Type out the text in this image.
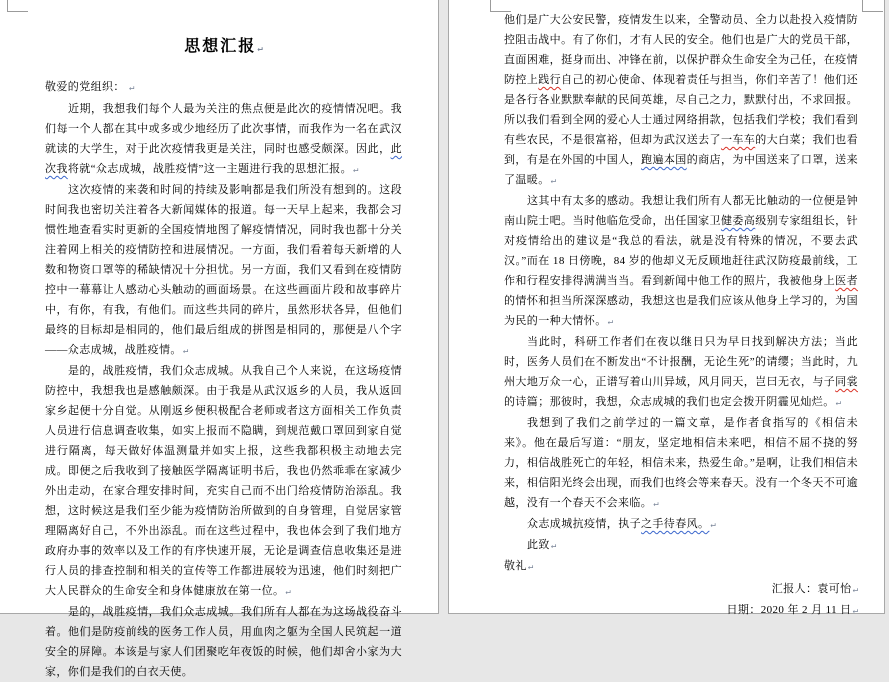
思想汇报↵

敬爱的党组织： ↵

近期，我想我们每个人最为关注的焦点便是此次的疫情情况吧。我们每一个人都在其中或多或少地经历了此次事情，而我作为一名在武汉就读的大学生，对于此次疫情我更是关注，同时也感受颇深。因此，此次我将就“众志成城，战胜疫情”这一主题进行我的思想汇报。↵

这次疫情的来袭和时间的持续及影响都是我们所没有想到的。这段时间我也密切关注着各大新闻媒体的报道。每一天早上起来，我都会习惯性地查看实时更新的全国疫情地图了解疫情情况，同时我也都十分关注着网上相关的疫情防控和进展情况。一方面，我们看着每天新增的人数和物资口罩等的稀缺情况十分担忧。另一方面，我们又看到在疫情防控中一幕幕让人感动心头触动的画面场景。在这些画面片段和故事碎片中，有你，有我，有他们。而这些共同的碎片，虽然形状各异，但他们最终的目标却是相同的，他们最后组成的拼图是相同的，那便是八个字——众志成城，战胜疫情。↵

是的，战胜疫情，我们众志成城。从我自己个人来说，在这场疫情防控中，我想我也是感触颇深。由于我是从武汉返乡的人员，我从返回家乡起便十分自觉。从刚返乡便积极配合老师或者这方面相关工作负责人员进行信息调查收集，如实上报而不隐瞒，到规范戴口罩回到家自觉进行隔离，每天做好体温测量并如实上报，这些我都积极主动地去完成。即便之后我收到了接触医学隔离证明书后，我也仍然乖乖在家减少外出走动，在家合理安排时间，充实自己而不出门给疫情防治添乱。我想，这时候这是我们至少能为疫情防治所做到的自身管理，自觉居家管理隔离好自己，不外出添乱。而在这些过程中，我也体会到了我们地方政府办事的效率以及工作的有序快速开展，无论是调查信息收集还是进行人员的排查控制和相关的宣传等工作都进展较为迅速，他们时刻把广大人民群众的生命安全和身体健康放在第一位。↵

是的，战胜疫情，我们众志成城。我们所有人都在为这场战役奋斗着。他们是防疫前线的医务工作人员，用血肉之躯为全国人民筑起一道安全的屏障。本该是与家人们团聚吃年夜饭的时候，他们却舍小家为大家，你们是我们的白衣天使。

他们是广大公安民警，疫情发生以来，全警动员、全力以赴投入疫情防控阻击战中。有了你们，才有人民的安全。他们也是广大的党员干部，直面困难，挺身而出、冲锋在前，以保护群众生命安全为己任，在疫情防控上践行自己的初心使命、体现着责任与担当，你们辛苦了！他们还是各行各业默默奉献的民间英雄，尽自己之力，默默付出，不求回报。所以我们看到全网的爱心人士通过网络捐款，包括我们学校；我们看到有些农民，不是很富裕，但却为武汉送去了一车车的大白菜；我们也看到，有是在外国的中国人，跑遍本国的商店，为中国送来了口罩，送来了温暖。↵

这其中有太多的感动。我想让我们所有人都无比触动的一位便是钟南山院士吧。当时他临危受命，出任国家卫健委高级别专家组组长，针对疫情给出的建议是“我总的看法，就是没有特殊的情况，不要去武汉。”而在 18 日傍晚，84 岁的他却义无反顾地赶往武汉防疫最前线，工作和行程安排得满满当当。看到新闻中他工作的照片，我被他身上医者的情怀和担当所深深感动，我想这也是我们应该从他身上学习的，为国为民的一种大情怀。↵

当此时，科研工作者们在夜以继日只为早日找到解决方法；当此时，医务人员们在不断发出“不计报酬，无论生死”的请缨；当此时，九州大地万众一心，正谱写着山川异域，风月同天，岂曰无衣，与子同裳的诗篇；那彼时，我想，众志成城的我们也定会拨开阴霾见灿烂。↵

我想到了我们之前学过的一篇文章，是作者食指写的《相信未来》。他在最后写道：“朋友，坚定地相信未来吧，相信不屈不挠的努力，相信战胜死亡的年轻，相信未来，热爱生命。”是啊，让我们相信未来，相信阳光终会出现，而我们也终会等来春天。没有一个冬天不可逾越，没有一个春天不会来临。↵

众志成城抗疫情，执子之手待春风。↵

此致↵

敬礼↵

汇报人：袁可怡↵

日期：2020 年 2 月 11 日↵
